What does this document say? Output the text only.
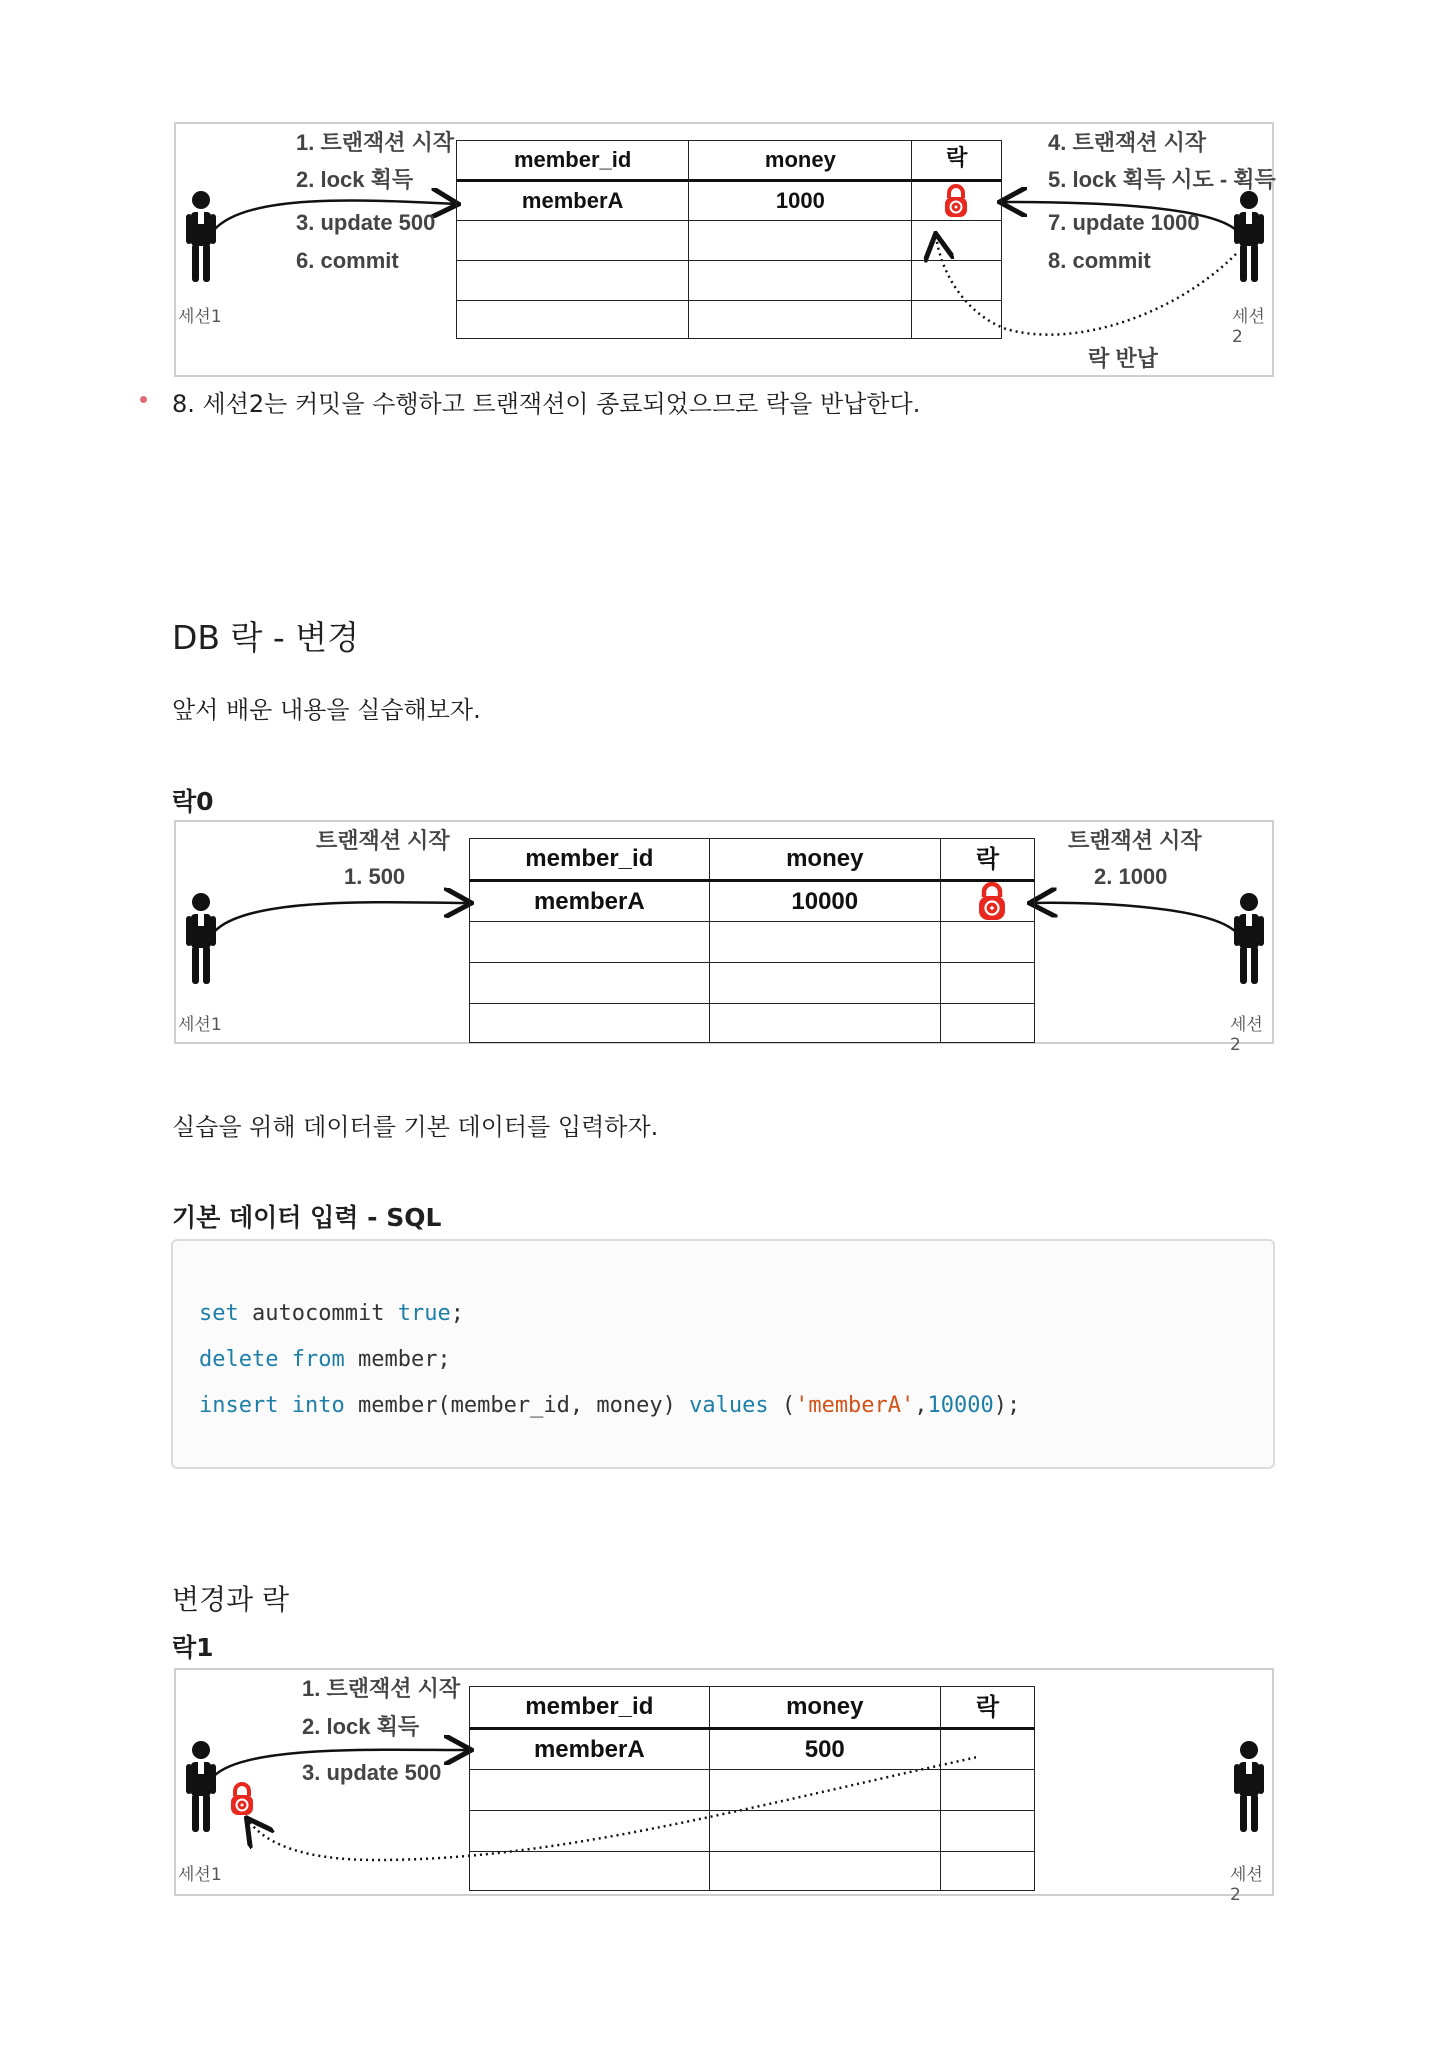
member_id	money	락
memberA	1000	

1. 트랜잭션 시작
2. lock 획득
3. update 500
6. commit
4. 트랜잭션 시작
5. lock 획득 시도 - 획득
7. update 1000
8. commit
락 반납
세션1	세션2
8. 세션2는 커밋을 수행하고 트랜잭션이 종료되었으므로 락을 반납한다.
DB 락 - 변경
앞서 배운 내용을 실습해보자.
락0
member_id	money	락
memberA	10000	

트랜잭션 시작
1. 500
트랜잭션 시작
2. 1000
세션1	세션2
실습을 위해 데이터를 기본 데이터를 입력하자.
기본 데이터 입력 - SQL
set autocommit true;
delete from member;
insert into member(member_id, money) values ('memberA',10000);
변경과 락
락1
member_id	money	락
memberA	500	

1. 트랜잭션 시작
2. lock 획득
3. update 500
세션1	세션2
